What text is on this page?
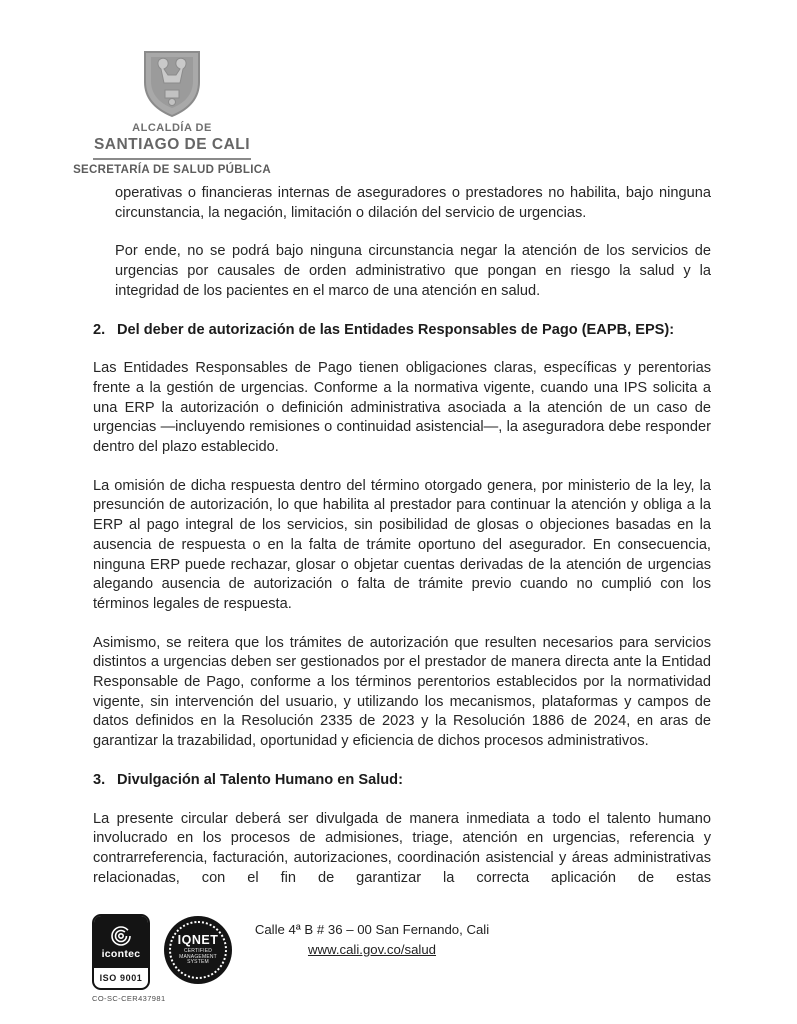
ALCALDÍA DE
SANTIAGO DE CALI
SECRETARÍA DE SALUD PÚBLICA

operativas o financieras internas de aseguradores o prestadores no habilita, bajo ninguna circunstancia, la negación, limitación o dilación del servicio de urgencias.

Por ende, no se podrá bajo ninguna circunstancia negar la atención de los servicios de urgencias por causales de orden administrativo que pongan en riesgo la salud y la integridad de los pacientes en el marco de una atención en salud.

2. Del deber de autorización de las Entidades Responsables de Pago (EAPB, EPS):

Las Entidades Responsables de Pago tienen obligaciones claras, específicas y perentorias frente a la gestión de urgencias. Conforme a la normativa vigente, cuando una IPS solicita a una ERP la autorización o definición administrativa asociada a la atención de un caso de urgencias —incluyendo remisiones o continuidad asistencial—, la aseguradora debe responder dentro del plazo establecido.

La omisión de dicha respuesta dentro del término otorgado genera, por ministerio de la ley, la presunción de autorización, lo que habilita al prestador para continuar la atención y obliga a la ERP al pago integral de los servicios, sin posibilidad de glosas o objeciones basadas en la ausencia de respuesta o en la falta de trámite oportuno del asegurador. En consecuencia, ninguna ERP puede rechazar, glosar o objetar cuentas derivadas de la atención de urgencias alegando ausencia de autorización o falta de trámite previo cuando no cumplió con los términos legales de respuesta.

Asimismo, se reitera que los trámites de autorización que resulten necesarios para servicios distintos a urgencias deben ser gestionados por el prestador de manera directa ante la Entidad Responsable de Pago, conforme a los términos perentorios establecidos por la normatividad vigente, sin intervención del usuario, y utilizando los mecanismos, plataformas y campos de datos definidos en la Resolución 2335 de 2023 y la Resolución 1886 de 2024, en aras de garantizar la trazabilidad, oportunidad y eficiencia de dichos procesos administrativos.

3. Divulgación al Talento Humano en Salud:

La presente circular deberá ser divulgada de manera inmediata a todo el talento humano involucrado en los procesos de admisiones, triage, atención en urgencias, referencia y contrarreferencia, facturación, autorizaciones, coordinación asistencial y áreas administrativas relacionadas, con el fin de garantizar la correcta aplicación de estas

icontec
ISO 9001
IQNET
CERTIFIED MANAGEMENT SYSTEM
CO-SC-CER437981
Calle 4ª B # 36 – 00 San Fernando, Cali
www.cali.gov.co/salud
